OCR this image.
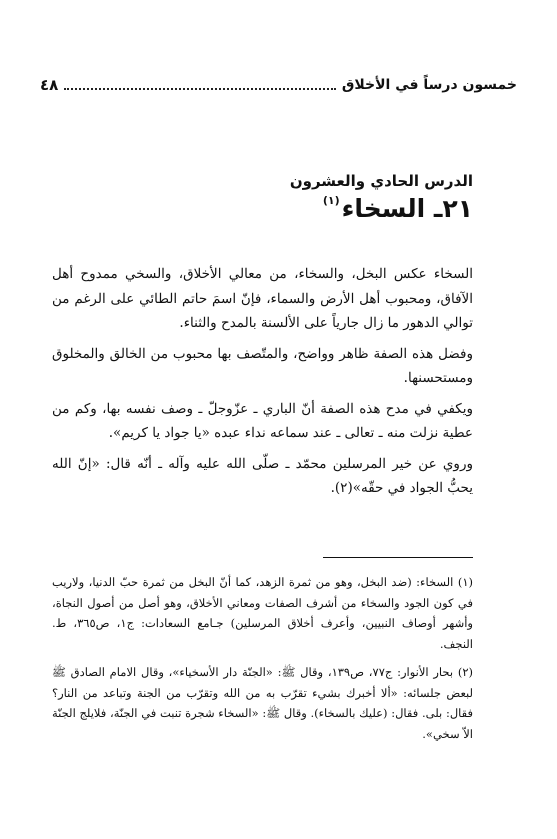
خمسون درساً في الأخلاق
٤٨
الدرس الحادي والعشرون
٢١ـ السخاء
(١)

السخاء عكس البخل، والسخاء، من معالي الأخلاق، والسخي ممدوح أهل الآفاق، ومحبوب أهل الأرض والسماء، فإنّ اسمَ حاتم الطائي على الرغم من توالي الدهور ما زال جارياً على الألسنة بالمدح والثناء.

وفضل هذه الصفة ظاهر وواضح، والمتّصف بها محبوب من الخالق والمخلوق ومستحسنها.

ويكفي في مدح هذه الصفة أنّ الباري ـ عزّوجلّ ـ وصف نفسه بها، وكم من عطية نزلت منه ـ تعالى ـ عند سماعه نداء عبده «يا جواد يا كريم».

وروي عن خير المرسلين محمّد ـ صلّى الله عليه وآله ـ أنّه قال: «إنّ الله يحبُّ الجواد في حقّه»(٢).

(١) السخاء: (ضد البخل، وهو من ثمرة الزهد، كما أنّ البخل من ثمرة حبّ الدنيا، ولاريب في كون الجود والسخاء من أشرف الصفات ومعاني الأخلاق، وهو أصل من أصول النجاة، وأشهر أوصاف النبيين، وأعرف أخلاق المرسلين) جـامع السعادات: ج١، ص٣٦٥، ط. النجف.

(٢) بحار الأنوار: ج٧٧، ص١٣٩، وقال ﷺ: «الجنّة دار الأسخياء»، وقال الامام الصادق ﷺ لبعض جلسائه: «ألا أخبرك بشيء تقرّب به من الله وتقرّب من الجنة وتباعد من النار؟ فقال: بلى. فقال: (عليك بالسخاء). وقال ﷺ: «السخاء شجرة تنبت في الجنّة، فلايلج الجنّة الاّ سخي».
